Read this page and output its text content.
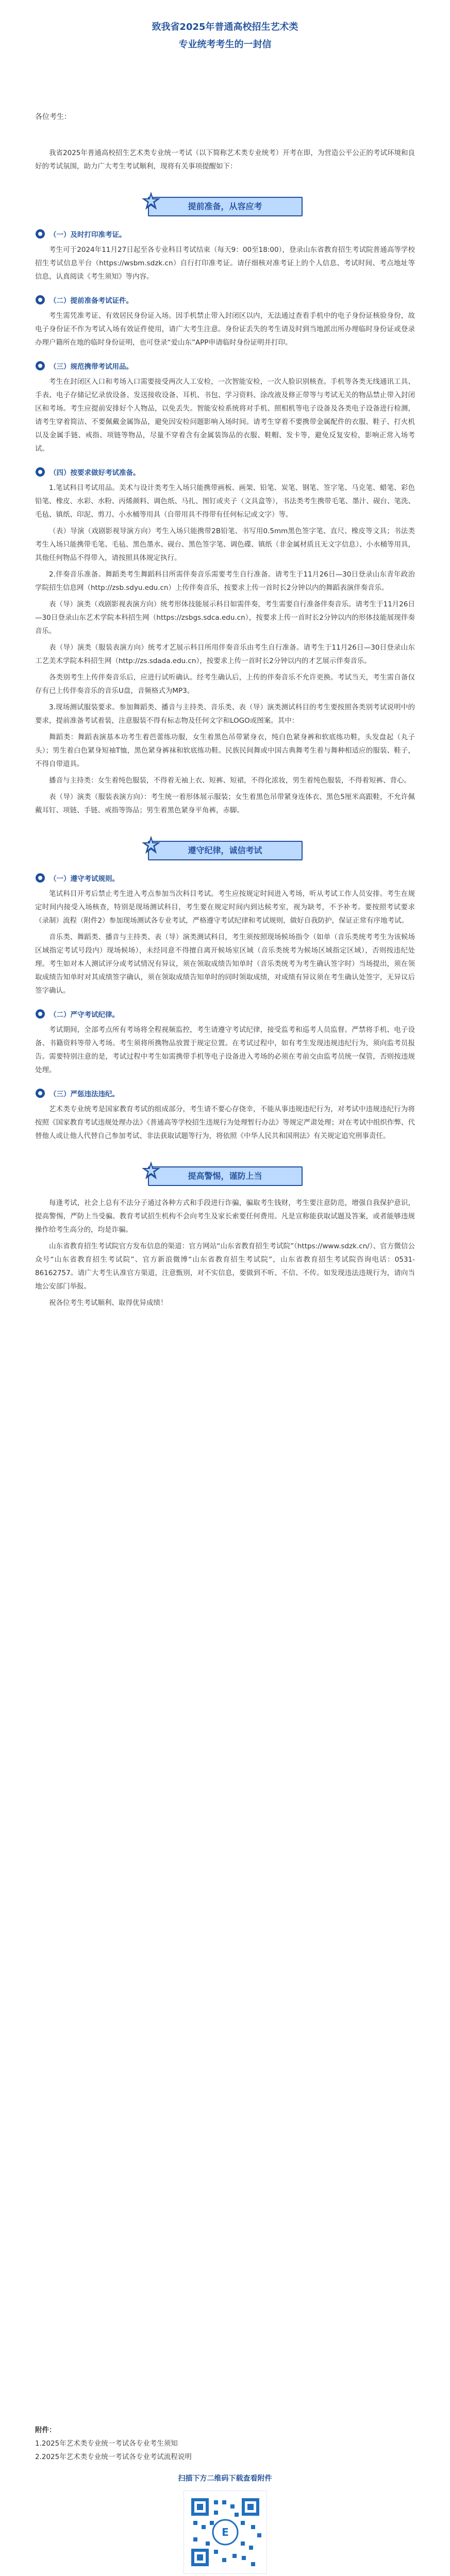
致我省2025年普通高校招生艺术类
专业统考考生的一封信
各位考生：
我省2025年普通高校招生艺术类专业统一考试（以下简称艺术类专业统考）开考在即，为营造公平公正的考试环境和良好的考试氛围，助力广大考生考试顺利，现将有关事项提醒如下：
提前准备，从容应考
（一）及时打印准考证。

考生可于2024年11月27日起至各专业科目考试结束（每天9：00至18:00），登录山东省教育招生考试院普通高等学校招生考试信息平台（https://wsbm.sdzk.cn）自行打印准考证。请仔细核对准考证上的个人信息、考试时间、考点地址等信息，认真阅读《考生须知》等内容。

（二）提前准备考试证件。

考生需凭准考证、有效居民身份证入场。因手机禁止带入封闭区以内，无法通过查看手机中的电子身份证核验身份，故电子身份证不作为考试入场有效证件使用，请广大考生注意。身份证丢失的考生请及时到当地派出所办理临时身份证或登录办理户籍所在地的临时身份证明，也可登录“爱山东”APP申请临时身份证明并打印。

（三）规范携带考试用品。

考生在封闭区入口和考场入口需要接受两次人工安检，一次智能安检，一次人脸识别核查。手机等各类无线通讯工具、手表、电子存储记忆录放设备、发送接收设备、耳机、书包、学习资料、涂改液及修正带等与考试无关的物品禁止带入封闭区和考场。考生应提前安排好个人物品，以免丢失。智能安检系统将对手机、照相机等电子设备及各类电子设备进行检测，请考生穿着简洁、不要佩戴金属饰品，避免因安检问题影响入场时间。请考生穿着不要携带金属配件的衣服、鞋子、打火机以及金属手链、戒指、项链等物品，尽量不穿着含有金属装饰品的衣服、鞋帽、发卡等，避免反复安检，影响正常入场考试。

（四）按要求做好考试准备。

1.笔试科目考试用品。美术与设计类考生入场只能携带画板、画架、铅笔、炭笔、钢笔、签字笔、马克笔、蜡笔、彩色铅笔、橡皮、水彩、水粉、丙烯颜料、调色纸、马扎、图钉或夹子（文具盒等），书法类考生携带毛笔、墨汁、砚台、笔洗、毛毡、镇纸、印泥、剪刀、小水桶等用具（自带用具不得带有任何标记或文字）等。

（表）导演（戏剧影视导演方向）考生入场只能携带2B铅笔、书写用0.5mm黑色签字笔、直尺、橡皮等文具；书法类考生入场只能携带毛笔、毛毡、黑色墨水、砚台、黑色签字笔、调色碟、镇纸（非金属材质且无文字信息）、小水桶等用具，其他任何物品不得带入，请按照具体规定执行。

2.伴奏音乐准备。舞蹈类考生舞蹈科目所需伴奏音乐需要考生自行准备。请考生于11月26日—30日登录山东青年政治学院招生信息网（http://zsb.sdyu.edu.cn）上传伴奏音乐，按要求上传一首时长2分钟以内的舞蹈表演伴奏音乐。

表（导）演类（戏剧影视表演方向）统考形体技能展示科目如需伴奏，考生需要自行准备伴奏音乐。请考生于11月26日—30日登录山东艺术学院本科招生网（https://zsbgs.sdca.edu.cn），按要求上传一首时长2分钟以内的形体技能展现伴奏音乐。

表（导）演类（服装表演方向）统考才艺展示科目所用伴奏音乐由考生自行准备。请考生于11月26日—30日登录山东工艺美术学院本科招生网（http://zs.sdada.edu.cn），按要求上传一首时长2分钟以内的才艺展示伴奏音乐。

各类别考生上传伴奏音乐后，应进行试听确认。经考生确认后，上传的伴奏音乐不允许更换。考试当天，考生需自备仅存有已上传伴奏音乐的音乐U盘，音频格式为MP3。

3.现场测试服装要求。参加舞蹈类、播音与主持类、音乐类、表（导）演类测试科目的考生要按照各类别考试说明中的要求，提前准备考试着装，注意服装不得有标志物及任何文字和LOGO或图案。其中：

舞蹈类：舞蹈表演基本功考生着芭蕾练功服，女生着黑色吊带紧身衣，纯白色紧身裤和软底练功鞋，头发盘起（丸子头）；男生着白色紧身短袖T恤，黑色紧身裤袜和软底练功鞋。民族民间舞或中国古典舞考生着与舞种相适应的服装、鞋子，不得自带道具。

播音与主持类：女生着纯色服装，不得着无袖上衣、短裤、短裙，不得化浓妆，男生着纯色服装，不得着短裤、背心。

表（导）演类（服装表演方向）：考生统一着形体展示服装；女生着黑色吊带紧身连体衣、黑色5厘米高跟鞋，不允许佩戴耳钉、项链、手链、戒指等饰品；男生着黑色紧身平角裤，赤脚。

遵守纪律，诚信考试
（一）遵守考试规则。

笔试科目开考后禁止考生进入考点参加当次科目考试。考生应按规定时间进入考场，听从考试工作人员安排。考生在规定时间内接受入场核查，特别是现场测试科目，考生要在规定时间内到达候考室，视为缺考，不予补考。要按照考试要求（录制）流程（附件2）参加现场测试各专业考试，严格遵守考试纪律和考试规则，做好自我防护，保证正常有序地考试。

音乐类、舞蹈类、播音与主持类、表（导）演类测试科目，考生须按照现场候场指令（如单（音乐类统考考生为该候场区域指定考试号段内）现场候场），未经同意不得擅自离开候场室区域（音乐类统考为候场区域指定区域），否则按违纪处理。考生如对本人测试评分或考试情况有异议，须在领取成绩告知单时（音乐类统考为考生确认签字时）当场提出，须在领取成绩告知单时对其成绩签字确认，须在领取成绩告知单时的同时领取成绩，对成绩有异议须在考生确认处签字，无异议后签字确认。

（二）严守考试纪律。

考试期间，全部考点所有考场将全程视频监控，考生请遵守考试纪律，接受监考和巡考人员监督。严禁将手机、电子设备、书籍资料等带入考场。考生须将所携物品放置于规定位置。在考试过程中，如有考生发现违规违纪行为，须向监考员报告。需要特别注意的是，考试过程中考生如需携带手机等电子设备进入考场的必须在考前交由监考员统一保管，否则按违规处理。

（三）严惩违法违纪。

艺术类专业统考是国家教育考试的组成部分，考生请不要心存侥幸，不能从事违规违纪行为，对考试中违规违纪行为将按照《国家教育考试违规处理办法》《普通高等学校招生违规行为处理暂行办法》等规定严肃处理；对在考试中组织作弊、代替他人或让他人代替自己参加考试、非法获取试题等行为，将依照《中华人民共和国刑法》有关规定追究刑事责任。

提高警惕，谨防上当

每逢考试，社会上总有不法分子通过各种方式和手段进行诈骗，骗取考生钱财，考生要注意防范，增强自我保护意识，提高警惕，严防上当受骗。教育考试招生机构不会向考生及家长索要任何费用。凡是宣称能获取试题及答案，或者能够违规操作给考生高分的，均是诈骗。

山东省教育招生考试院官方发布信息的渠道：官方网站“山东省教育招生考试院”（https://www.sdzk.cn/）、官方微信公众号“山东省教育招生考试院”、官方新浪微博“山东省教育招生考试院”，山东省教育招生考试院咨询电话：0531-86162757。请广大考生认准官方渠道，注意甄别，对不实信息，要做到不听、不信、不传。如发现违法违规行为，请向当地公安部门举报。

祝各位考生考试顺利、取得优异成绩！

附件：
1.2025年艺术类专业统一考试各专业考生须知
2.2025年艺术类专业统一考试各专业考试流程说明
扫描下方二维码下载查看附件
E
